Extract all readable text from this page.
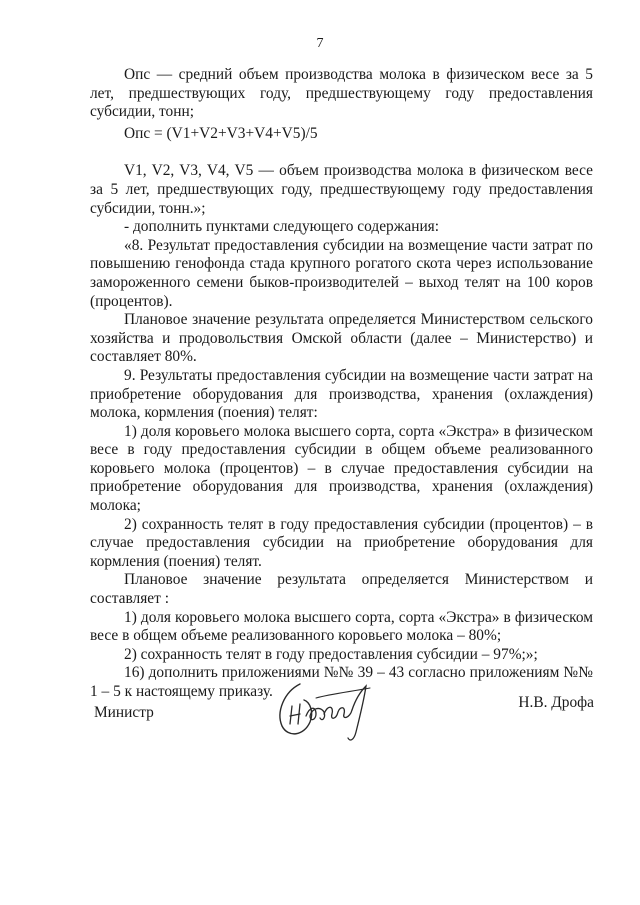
7

Опс — средний объем производства молока в физическом весе за 5 лет, предшествующих году, предшествующему году предоставления субсидии, тонн;

Опс = (V1+V2+V3+V4+V5)/5

V1, V2, V3, V4, V5 — объем производства молока в физическом весе за 5 лет, предшествующих году, предшествующему году предоставления субсидии, тонн.»;

- дополнить пунктами следующего содержания:

«8. Результат предоставления субсидии на возмещение части затрат по повышению генофонда стада крупного рогатого скота через использование замороженного семени быков-производителей – выход телят на 100 коров (процентов).

Плановое значение результата определяется Министерством сельского хозяйства и продовольствия Омской области (далее – Министерство) и составляет 80%.

9. Результаты предоставления субсидии на возмещение части затрат на приобретение оборудования для производства, хранения (охлаждения) молока, кормления (поения) телят:

1) доля коровьего молока высшего сорта, сорта «Экстра» в физическом весе в году предоставления субсидии в общем объеме реализованного коровьего молока (процентов) – в случае предоставления субсидии на приобретение оборудования для производства, хранения (охлаждения) молока;

2) сохранность телят в году предоставления субсидии (процентов) – в случае предоставления субсидии на приобретение оборудования для кормления (поения) телят.

Плановое значение результата определяется Министерством и составляет :

1) доля коровьего молока высшего сорта, сорта «Экстра» в физическом весе в общем объеме реализованного коровьего молока – 80%;

2) сохранность телят в году предоставления субсидии – 97%;»;

16) дополнить приложениями №№ 39 – 43 согласно приложениям №№ 1 – 5 к настоящему приказу.

Министр
Н.В. Дрофа
